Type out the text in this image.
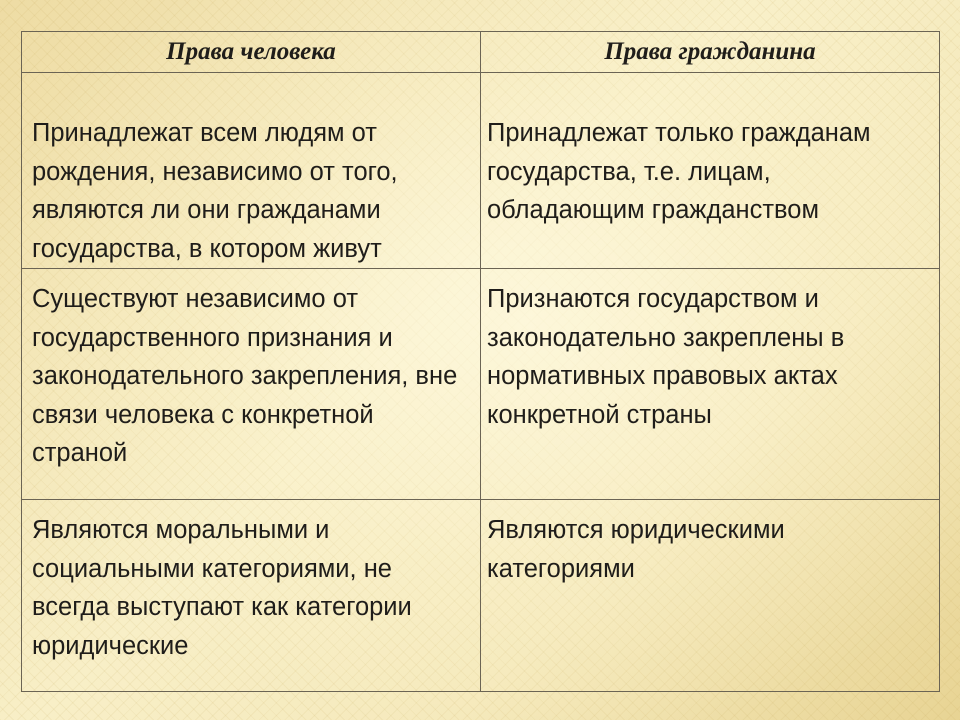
Права человека	Права гражданина

Принадлежат всем людям от рождения, независимо от того, являются ли они гражданами государства, в котором живут	Принадлежат только гражданам государства, т.е. лицам, обладающим гражданством

Существуют независимо от государственного признания и законодательного закрепления, вне связи человека с конкретной страной	Признаются государством и законодательно закреплены в нормативных правовых актах конкретной страны

Являются моральными и социальными категориями, не всегда выступают как категории юридические	Являются юридическими категориями
